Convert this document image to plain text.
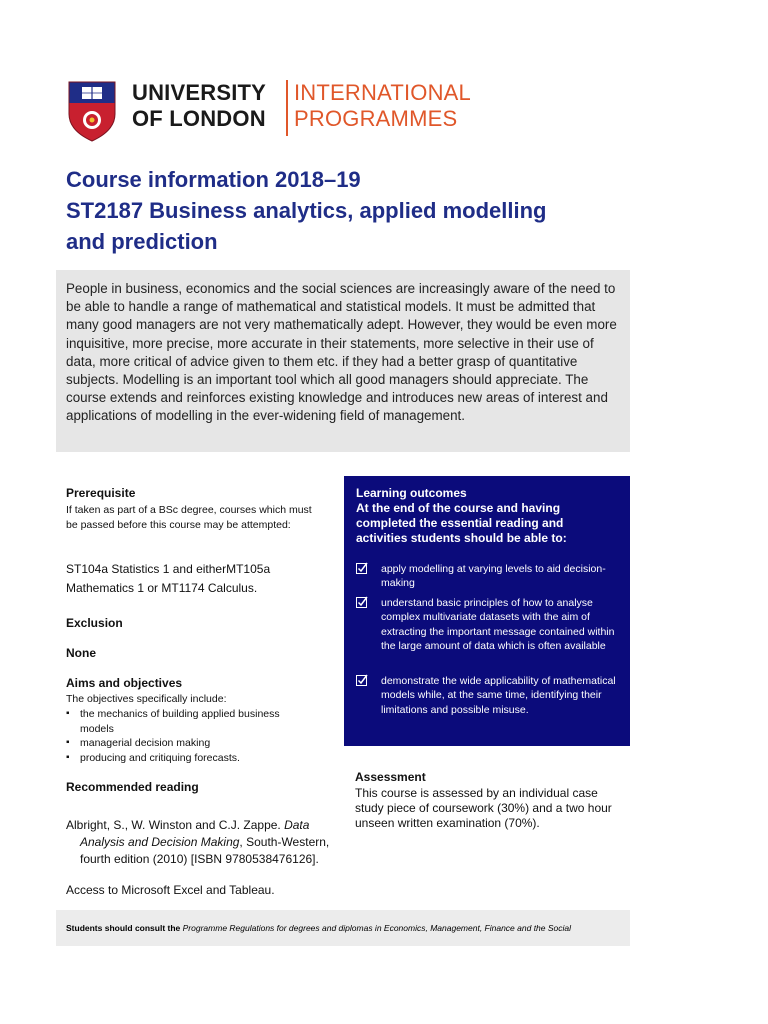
UNIVERSITY
OF LONDON
INTERNATIONAL
PROGRAMMES
Course information 2018–19
ST2187 Business analytics, applied modelling
and prediction

People in business, economics and the social sciences are increasingly aware of the need to be able to handle a range of mathematical and statistical models. It must be admitted that many good managers are not very mathematically adept. However, they would be even more inquisitive, more precise, more accurate in their statements, more selective in their use of data, more critical of advice given to them etc. if they had a better grasp of quantitative subjects. Modelling is an important tool which all good managers should appreciate. The course extends and reinforces existing knowledge and introduces new areas of interest and applications of modelling in the ever-widening field of management.

Prerequisite
If taken as part of a BSc degree, courses which must be passed before this course may be attempted:
ST104a Statistics 1 and eitherMT105a
Mathematics 1 or MT1174 Calculus.
Exclusion
None
Aims and objectives
The objectives specifically include:
▪ the mechanics of building applied business models
▪ managerial decision making
▪ producing and critiquing forecasts.
Recommended reading
Albright, S., W. Winston and C.J. Zappe. Data Analysis and Decision Making, South-Western, fourth edition (2010) [ISBN 9780538476126].
Access to Microsoft Excel and Tableau.
Learning outcomes
At the end of the course and having completed the essential reading and activities students should be able to:
apply modelling at varying levels to aid decision-making
understand basic principles of how to analyse complex multivariate datasets with the aim of extracting the important message contained within the large amount of data which is often available
demonstrate the wide applicability of mathematical models while, at the same time, identifying their limitations and possible misuse.
Assessment
This course is assessed by an individual case study piece of coursework (30%) and a two hour unseen written examination (70%).

Students should consult the Programme Regulations for degrees and diplomas in Economics, Management, Finance and the Social
